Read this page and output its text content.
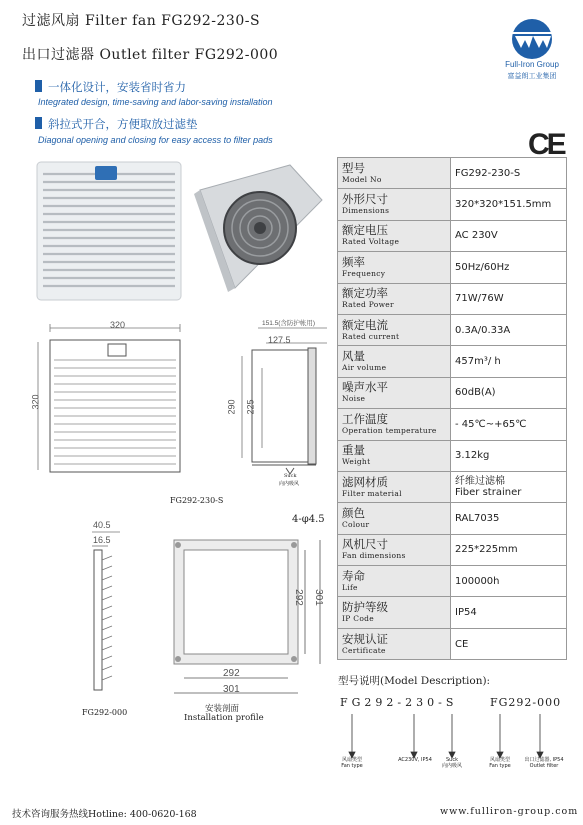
过滤风扇 Filter fan FG292-230-S
出口过滤器 Outlet filter FG292-000
Full-Iron Group
富益朗工业集团
CE
一体化设计，安装省时省力
Integrated design, time-saving and labor-saving installation
斜拉式开合，方便取放过滤垫
Diagonal opening and closing for easy access to filter pads
320
320
151.5(含防护帐用)
127.5
290 225
Suck
向内吸风
FG292-230-S
40.5
16.5
FG292-000
4-φ4.5
292
301
292 301
安装剖面
Installation profile
型号
Model No	FG292-230-S

外形尺寸
Dimensions	320*320*151.5mm

额定电压
Rated Voltage	AC 230V

频率
Frequency	50Hz/60Hz

额定功率
Rated Power	71W/76W

额定电流
Rated current	0.3A/0.33A

风量
Air volume	457m³/ h

噪声水平
Noise	60dB(A)

工作温度
Operation temperature	- 45℃~+65℃

重量
Weight	3.12kg

滤网材质
Filter material	纤维过滤棉
Fiber strainer

颜色
Colour	RAL7035

风机尺寸
Fan dimensions	225*225mm

寿命
Life	100000h

防护等级
IP Code	IP54

安规认证
Certificate	CE
型号说明(Model Description):
FG292-230-S	FG292-000
风扇类型
Fan type
AC230V, IP54	Suck
向内吸风
风扇类型
Fan type
出口过滤器, IP54
Outlet filter
技术咨询服务热线Hotline: 400-0620-168	www.fulliron-group.com
